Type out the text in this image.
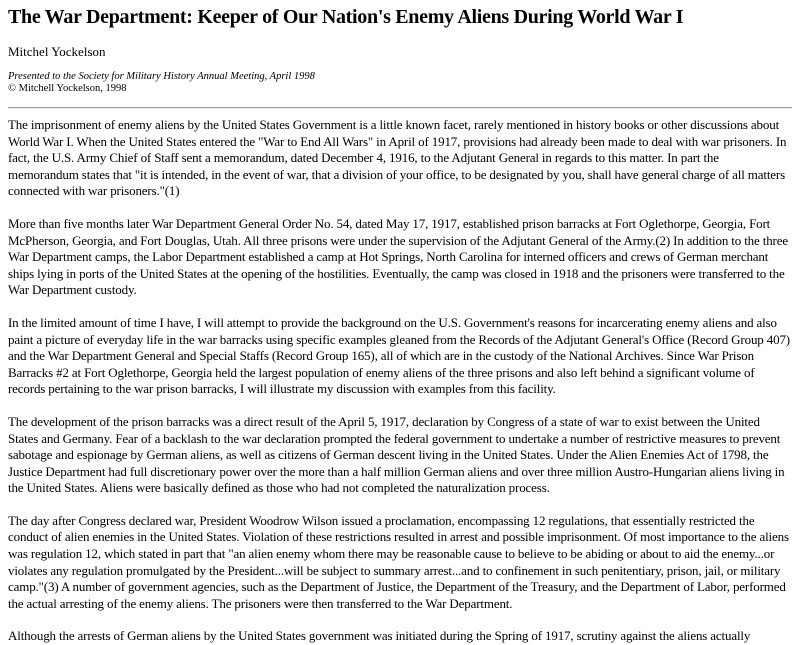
The War Department: Keeper of Our Nation's Enemy Aliens During World War I
Mitchel Yockelson
Presented to the Society for Military History Annual Meeting, April 1998
© Mitchell Yockelson, 1998

The imprisonment of enemy aliens by the United States Government is a little known facet, rarely mentioned in history books or other discussions about World War I. When the United States entered the "War to End All Wars" in April of 1917, provisions had already been made to deal with war prisoners. In fact, the U.S. Army Chief of Staff sent a memorandum, dated December 4, 1916, to the Adjutant General in regards to this matter. In part the memorandum states that "it is intended, in the event of war, that a division of your office, to be designated by you, shall have general charge of all matters connected with war prisoners."(1)

More than five months later War Department General Order No. 54, dated May 17, 1917, established prison barracks at Fort Oglethorpe, Georgia, Fort McPherson, Georgia, and Fort Douglas, Utah. All three prisons were under the supervision of the Adjutant General of the Army.(2) In addition to the three War Department camps, the Labor Department established a camp at Hot Springs, North Carolina for interned officers and crews of German merchant ships lying in ports of the United States at the opening of the hostilities. Eventually, the camp was closed in 1918 and the prisoners were transferred to the War Department custody.

In the limited amount of time I have, I will attempt to provide the background on the U.S. Government's reasons for incarcerating enemy aliens and also paint a picture of everyday life in the war barracks using specific examples gleaned from the Records of the Adjutant General's Office (Record Group 407) and the War Department General and Special Staffs (Record Group 165), all of which are in the custody of the National Archives. Since War Prison Barracks #2 at Fort Oglethorpe, Georgia held the largest population of enemy aliens of the three prisons and also left behind a significant volume of records pertaining to the war prison barracks, I will illustrate my discussion with examples from this facility.

The development of the prison barracks was a direct result of the April 5, 1917, declaration by Congress of a state of war to exist between the United States and Germany. Fear of a backlash to the war declaration prompted the federal government to undertake a number of restrictive measures to prevent sabotage and espionage by German aliens, as well as citizens of German descent living in the United States. Under the Alien Enemies Act of 1798, the Justice Department had full discretionary power over the more than a half million German aliens and over three million Austro-Hungarian aliens living in the United States. Aliens were basically defined as those who had not completed the naturalization process.

The day after Congress declared war, President Woodrow Wilson issued a proclamation, encompassing 12 regulations, that essentially restricted the conduct of alien enemies in the United States. Violation of these restrictions resulted in arrest and possible imprisonment. Of most importance to the aliens was regulation 12, which stated in part that "an alien enemy whom there may be reasonable cause to believe to be abiding or about to aid the enemy...or violates any regulation promulgated by the President...will be subject to summary arrest...and to confinement in such penitentiary, prison, jail, or military camp."(3) A number of government agencies, such as the Department of Justice, the Department of the Treasury, and the Department of Labor, performed the actual arresting of the enemy aliens. The prisoners were then transferred to the War Department.

Although the arrests of German aliens by the United States government was initiated during the Spring of 1917, scrutiny against the aliens actually
